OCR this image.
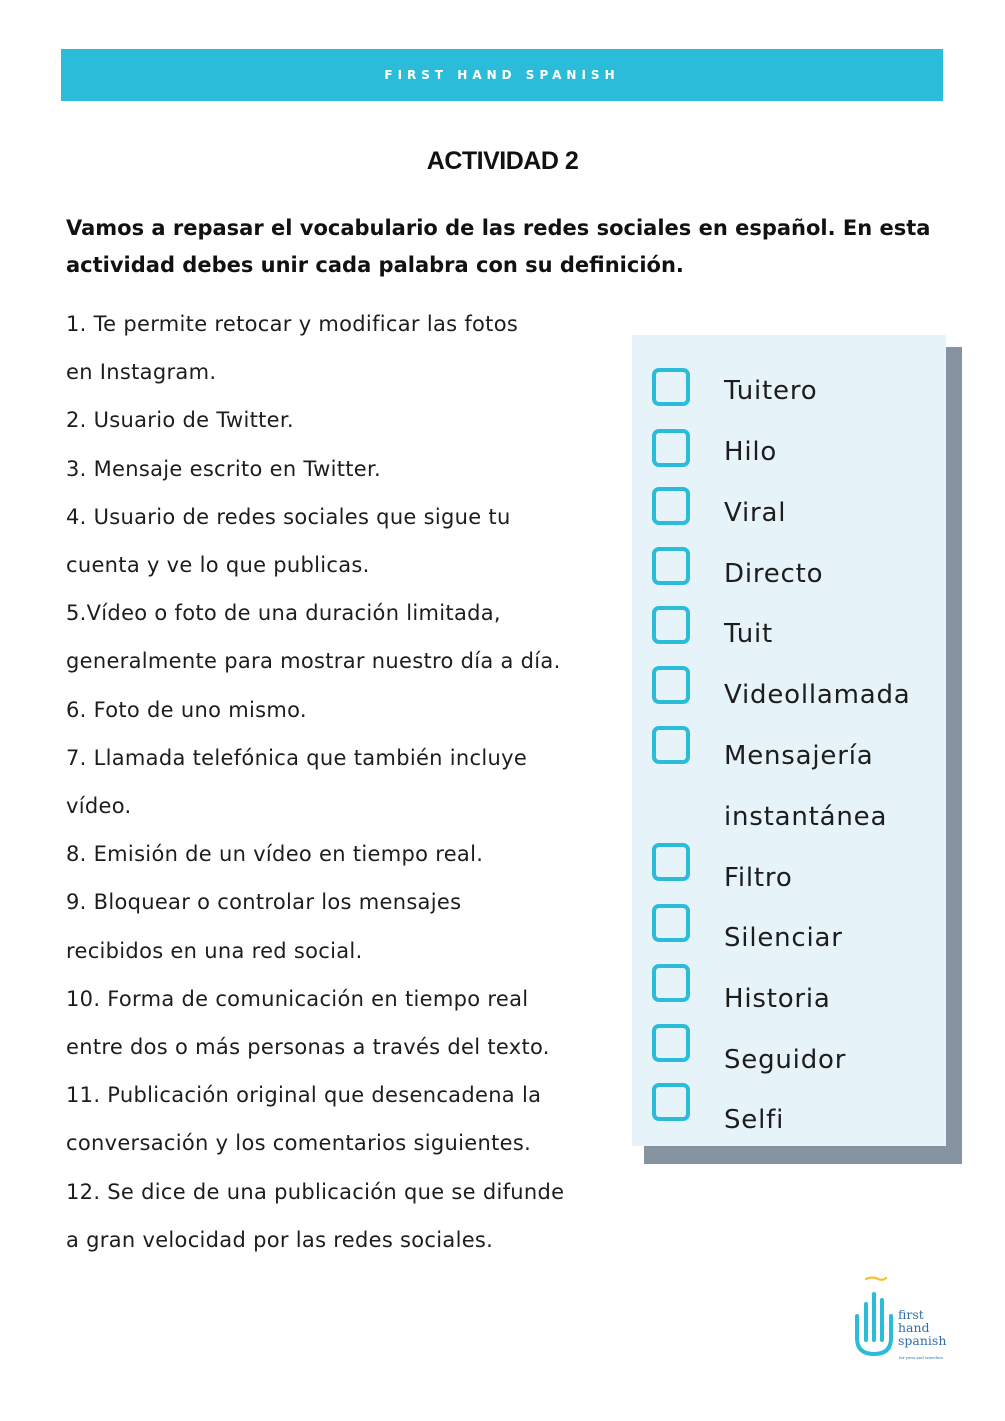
FIRST HAND SPANISH
ACTIVIDAD 2

Vamos a repasar el vocabulario de las redes sociales en español. En esta actividad debes unir cada palabra con su definición.

1. Te permite retocar y modificar las fotos
en Instagram.
2. Usuario de Twitter.
3. Mensaje escrito en Twitter.
4. Usuario de redes sociales que sigue tu
cuenta y ve lo que publicas.
5.Vídeo o foto de una duración limitada,
generalmente para mostrar nuestro día a día.
6. Foto de uno mismo.
7. Llamada telefónica que también incluye
vídeo.
8. Emisión de un vídeo en tiempo real.
9. Bloquear o controlar los mensajes
recibidos en una red social.
10. Forma de comunicación en tiempo real
entre dos o más personas a través del texto.
11. Publicación original que desencadena la
conversación y los comentarios siguientes.
12. Se dice de una publicación que se difunde
a gran velocidad por las redes sociales.
Tuitero
Hilo
Viral
Directo
Tuit
Videollamada
Mensajería
instantánea
Filtro
Silenciar
Historia
Seguidor
Selfi
first
hand
spanish
for pros and travelers
